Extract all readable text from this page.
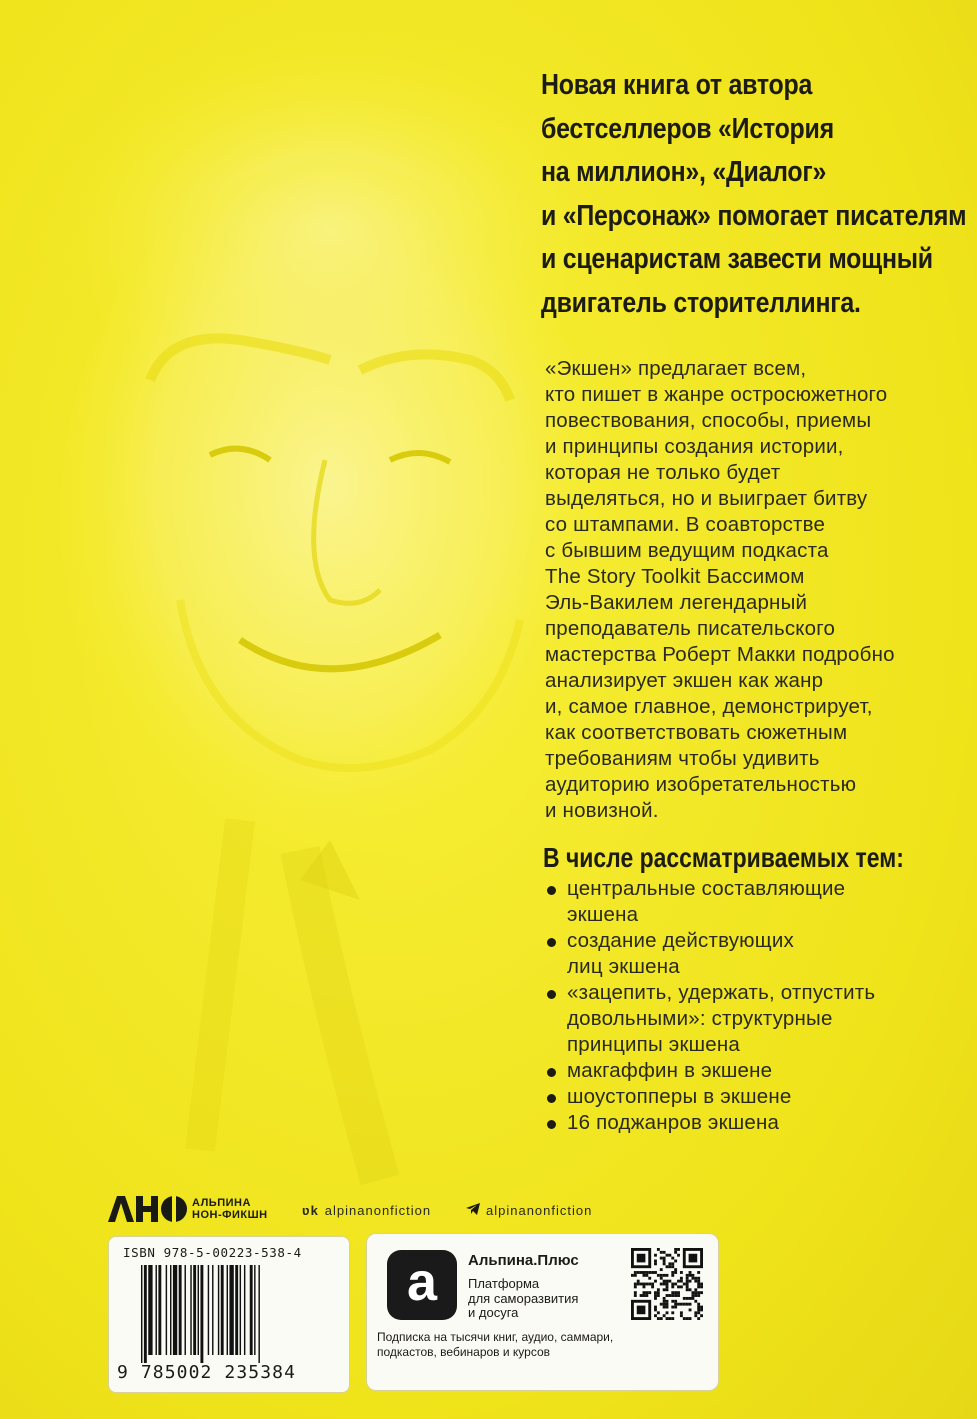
Новая книга от автора
бестселлеров «История
на миллион», «Диалог»
и «Персонаж» помогает писателям
и сценаристам завести мощный
двигатель сторителлинга.
«Экшен» предлагает всем,
кто пишет в жанре остросюжетного
повествования, способы, приемы
и принципы создания истории,
которая не только будет
выделяться, но и выиграет битву
со штампами. В соавторстве
с бывшим ведущим подкаста
The Story Toolkit Бассимом
Эль-Вакилем легендарный
преподаватель писательского
мастерства Роберт Макки подробно
анализирует экшен как жанр
и, самое главное, демонстрирует,
как соответствовать сюжетным
требованиям чтобы удивить
аудиторию изобретательностью
и новизной.
В числе рассматриваемых тем:
центральные составляющие
экшена
создание действующих
лиц экшена
«зацепить, удержать, отпустить
довольными»: структурные
принципы экшена
макгаффин в экшене
шоустопперы в экшене
16 поджанров экшена
АЛЬПИНА
НОН-ФИКШН	ʋk alpinanonfiction	alpinanonfiction
ISBN 978-5-00223-538-4
9 785002 235384
a Альпина.Плюс
Платформа
для саморазвития
и досуга
Подписка на тысячи книг, аудио, саммари,
подкастов, вебинаров и курсов
